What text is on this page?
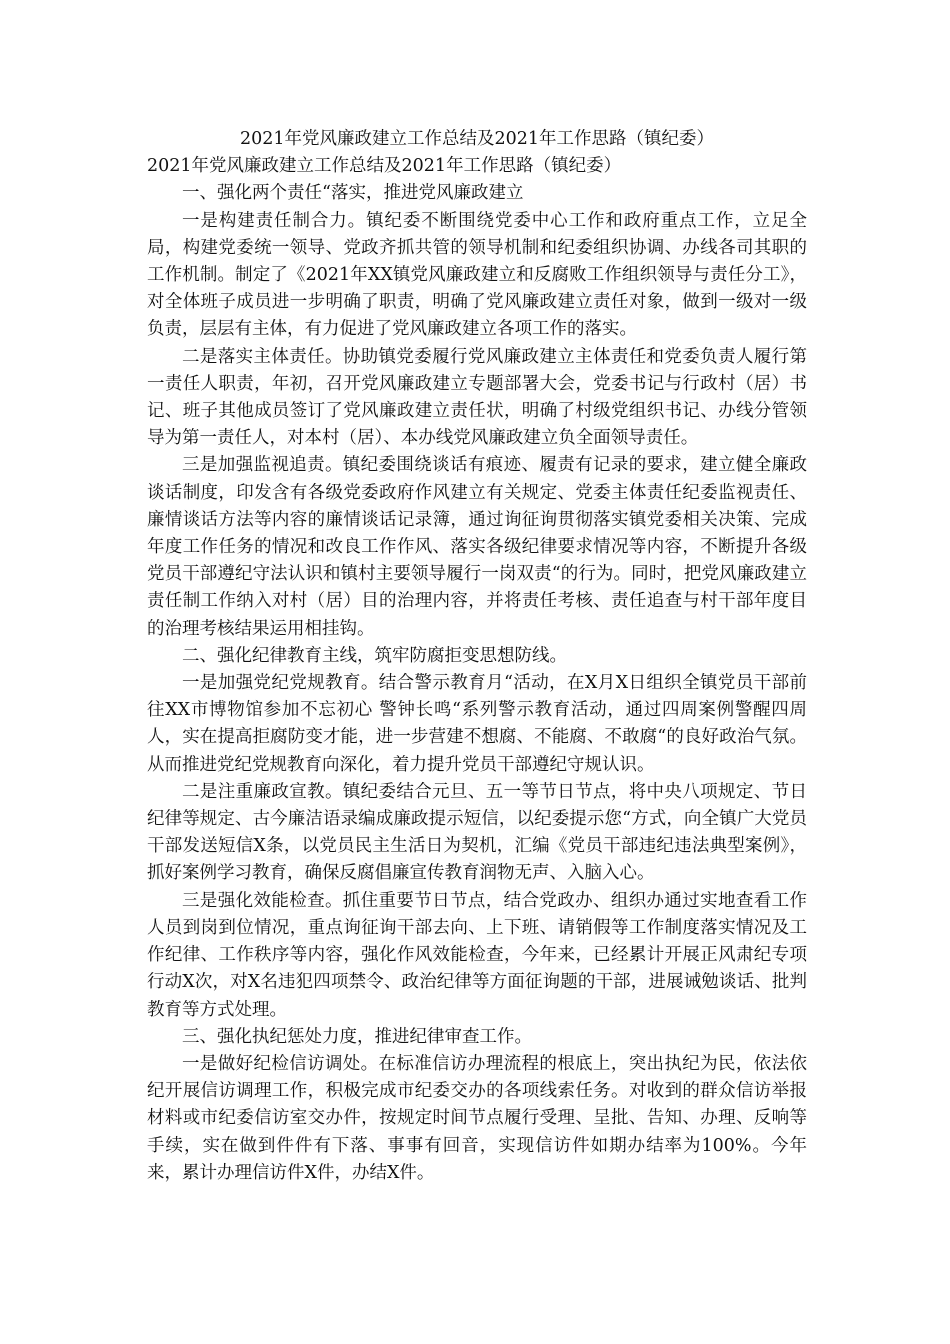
2021年党风廉政建立工作总结及2021年工作思路（镇纪委）

2021年党风廉政建立工作总结及2021年工作思路（镇纪委）

一、强化两个责任“落实，推进党风廉政建立

一是构建责任制合力。镇纪委不断围绕党委中心工作和政府重点工作，立足全局，构建党委统一领导、党政齐抓共管的领导机制和纪委组织协调、办线各司其职的工作机制。制定了《2021年XX镇党风廉政建立和反腐败工作组织领导与责任分工》，对全体班子成员进一步明确了职责，明确了党风廉政建立责任对象，做到一级对一级负责，层层有主体，有力促进了党风廉政建立各项工作的落实。

二是落实主体责任。协助镇党委履行党风廉政建立主体责任和党委负责人履行第一责任人职责，年初，召开党风廉政建立专题部署大会，党委书记与行政村（居）书记、班子其他成员签订了党风廉政建立责任状，明确了村级党组织书记、办线分管领导为第一责任人，对本村（居）、本办线党风廉政建立负全面领导责任。

三是加强监视追责。镇纪委围绕谈话有痕迹、履责有记录的要求，建立健全廉政谈话制度，印发含有各级党委政府作风建立有关规定、党委主体责任纪委监视责任、廉情谈话方法等内容的廉情谈话记录簿，通过询征询贯彻落实镇党委相关决策、完成年度工作任务的情况和改良工作作风、落实各级纪律要求情况等内容，不断提升各级党员干部遵纪守法认识和镇村主要领导履行一岗双责“的行为。同时，把党风廉政建立责任制工作纳入对村（居）目的治理内容，并将责任考核、责任追查与村干部年度目的治理考核结果运用相挂钩。

二、强化纪律教育主线，筑牢防腐拒变思想防线。

一是加强党纪党规教育。结合警示教育月“活动，在X月X日组织全镇党员干部前往XX市博物馆参加不忘初心 警钟长鸣“系列警示教育活动，通过四周案例警醒四周人，实在提高拒腐防变才能，进一步营建不想腐、不能腐、不敢腐“的良好政治气氛。从而推进党纪党规教育向深化，着力提升党员干部遵纪守规认识。

二是注重廉政宣教。镇纪委结合元旦、五一等节日节点，将中央八项规定、节日纪律等规定、古今廉洁语录编成廉政提示短信，以纪委提示您“方式，向全镇广大党员干部发送短信X条，以党员民主生活日为契机，汇编《党员干部违纪违法典型案例》，抓好案例学习教育，确保反腐倡廉宣传教育润物无声、入脑入心。

三是强化效能检查。抓住重要节日节点，结合党政办、组织办通过实地查看工作人员到岗到位情况，重点询征询干部去向、上下班、请销假等工作制度落实情况及工作纪律、工作秩序等内容，强化作风效能检查，今年来，已经累计开展正风肃纪专项行动X次，对X名违犯四项禁令、政治纪律等方面征询题的干部，进展诫勉谈话、批判教育等方式处理。

三、强化执纪惩处力度，推进纪律审查工作。

一是做好纪检信访调处。在标准信访办理流程的根底上，突出执纪为民，依法依纪开展信访调理工作，积极完成市纪委交办的各项线索任务。对收到的群众信访举报材料或市纪委信访室交办件，按规定时间节点履行受理、呈批、告知、办理、反响等手续，实在做到件件有下落、事事有回音，实现信访件如期办结率为100%。今年来，累计办理信访件X件，办结X件。
